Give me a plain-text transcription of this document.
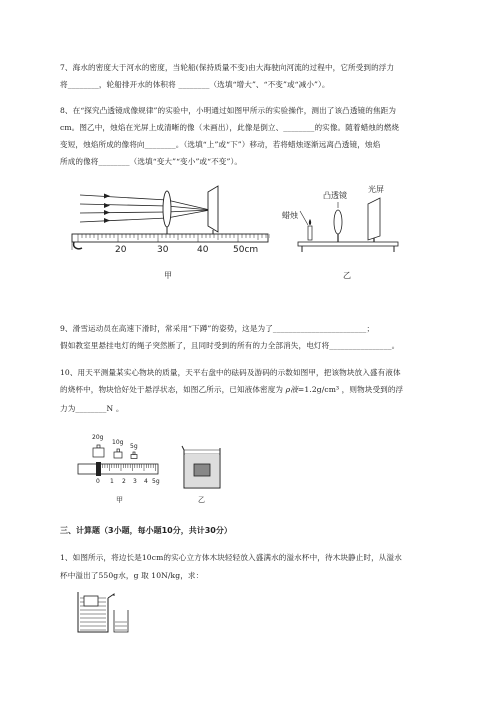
7、海水的密度大于河水的密度，当轮船(保持质量不变)由大海驶向河流的过程中，它所受到的浮力
将________，轮船排开水的体积将 ________（选填“增大”、“不变”或“减小”）。
8、在“探究凸透镜成像规律”的实验中，小明通过如图甲所示的实验操作，测出了该凸透镜的焦距为
cm。图乙中，烛焰在光屏上成清晰的像（未画出），此像是倒立、________的实像。随着蜡烛的燃烧
变短，烛焰所成的像将向________。（选填“上”或“下”）移动，若将蜡烛逐渐远离凸透镜，烛焰
所成的像将________（选填“变大”“变小”或“不变”）。
20	30	40	50cm
甲
凸透镜
光屏
蜡烛
乙
9、滑雪运动员在高速下滑时，常采用“下蹲”的姿势，这是为了________________________；
假如教室里悬挂电灯的绳子突然断了，且同时受到的所有的力全部消失，电灯将________________。
10、用天平测量某实心物块的质量，天平右盘中的砝码及游码的示数如图甲，把该物块放入盛有液体
的烧杯中，物块恰好处于悬浮状态，如图乙所示，已知液体密度为 ρ液=1.2g/cm³ ，则物块受到的浮
力为________N 。
20g
10g
5g
0 1 2 3 4 5g
甲	乙
三、计算题（3小题，每小题10分，共计30分）
1、如图所示，将边长是10cm的实心立方体木块轻轻放入盛满水的溢水杯中，待木块静止时，从溢水
杯中溢出了550g水，g 取 10N/kg，求：
